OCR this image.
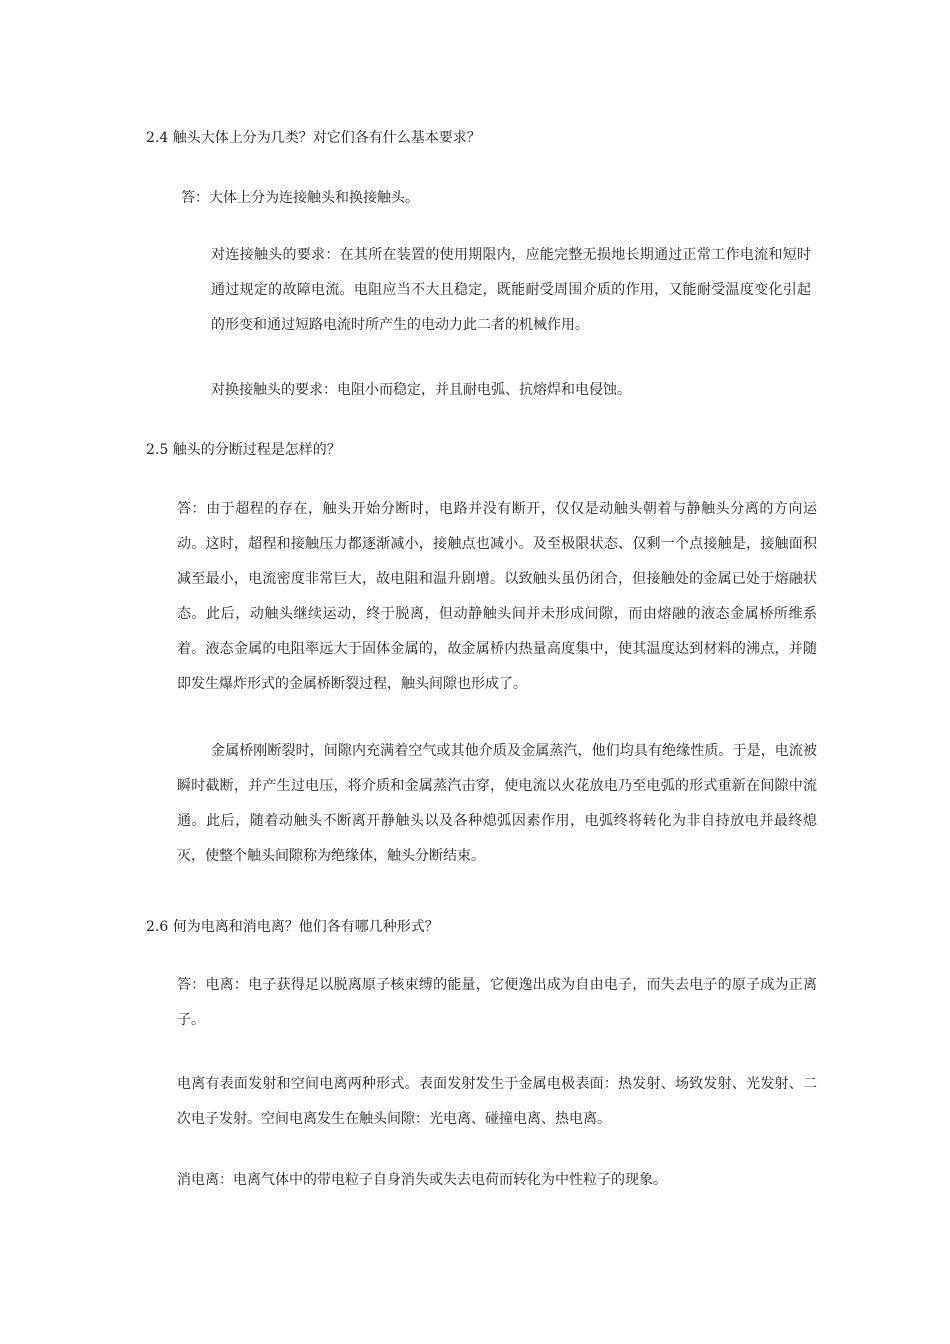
2.4 触头大体上分为几类？对它们各有什么基本要求？

答：大体上分为连接触头和换接触头。

对连接触头的要求：在其所在装置的使用期限内，应能完整无损地长期通过正常工作电流和短时通过规定的故障电流。电阻应当不大且稳定，既能耐受周围介质的作用，又能耐受温度变化引起的形变和通过短路电流时所产生的电动力此二者的机械作用。

对换接触头的要求：电阻小而稳定，并且耐电弧、抗熔焊和电侵蚀。

2.5 触头的分断过程是怎样的？

答：由于超程的存在，触头开始分断时，电路并没有断开，仅仅是动触头朝着与静触头分离的方向运动。这时，超程和接触压力都逐渐减小，接触点也减小。及至极限状态、仅剩一个点接触是，接触面积减至最小，电流密度非常巨大，故电阻和温升剧增。以致触头虽仍闭合，但接触处的金属已处于熔融状态。此后，动触头继续运动，终于脱离，但动静触头间并未形成间隙，而由熔融的液态金属桥所维系着。液态金属的电阻率远大于固体金属的，故金属桥内热量高度集中，使其温度达到材料的沸点，并随即发生爆炸形式的金属桥断裂过程，触头间隙也形成了。

金属桥刚断裂时，间隙内充满着空气或其他介质及金属蒸汽，他们均具有绝缘性质。于是，电流被瞬时截断，并产生过电压，将介质和金属蒸汽击穿，使电流以火花放电乃至电弧的形式重新在间隙中流通。此后，随着动触头不断离开静触头以及各种熄弧因素作用，电弧终将转化为非自持放电并最终熄灭，使整个触头间隙称为绝缘体，触头分断结束。

2.6 何为电离和消电离？他们各有哪几种形式？

答：电离：电子获得足以脱离原子核束缚的能量，它便逸出成为自由电子，而失去电子的原子成为正离子。

电离有表面发射和空间电离两种形式。表面发射发生于金属电极表面：热发射、场致发射、光发射、二次电子发射。空间电离发生在触头间隙：光电离、碰撞电离、热电离。

消电离：电离气体中的带电粒子自身消失或失去电荷而转化为中性粒子的现象。
